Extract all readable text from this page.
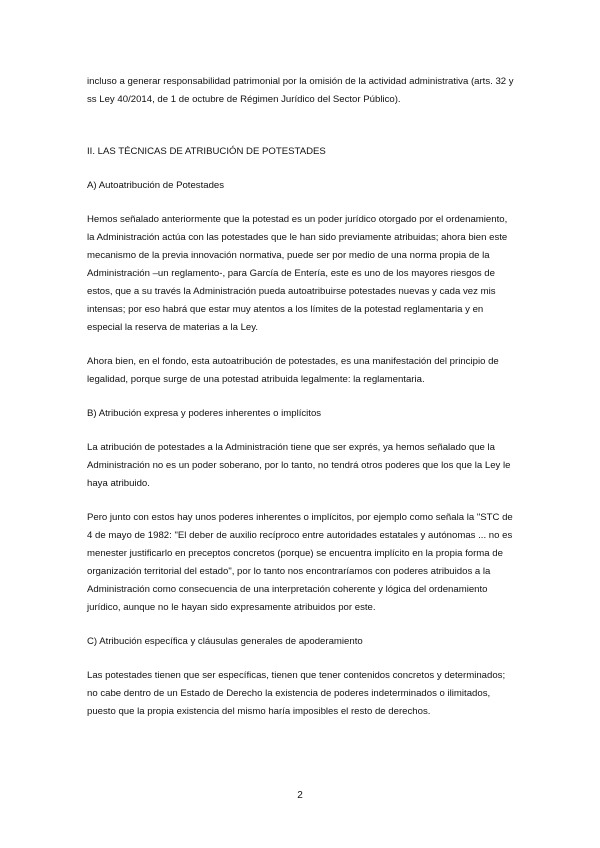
incluso a generar responsabilidad patrimonial por la omisión de la actividad administrativa (arts. 32 y ss Ley 40/2014, de 1 de octubre de Régimen Jurídico del Sector Público).

II. LAS TÉCNICAS DE ATRIBUCIÓN DE POTESTADES

A) Autoatribución de Potestades

Hemos señalado anteriormente que la potestad es un poder jurídico otorgado por el ordenamiento, la Administración actúa con las potestades que le han sido previamente atribuidas; ahora bien este mecanismo de la previa innovación normativa, puede ser por medio de una norma propia de la Administración –un reglamento-, para García de Entería, este es uno de los mayores riesgos de estos, que a su través la Administración pueda autoatribuirse potestades nuevas y cada vez mis intensas; por eso habrá que estar muy atentos a los límites de la potestad reglamentaria y en especial la reserva de materias a la Ley.

Ahora bien, en el fondo, esta autoatribución de potestades, es una manifestación del principio de legalidad, porque surge de una potestad atribuida legalmente: la reglamentaria.

B) Atribución expresa y poderes inherentes o implícitos

La atribución de potestades a la Administración tiene que ser exprés, ya hemos señalado que la Administración no es un poder soberano, por lo tanto, no tendrá otros poderes que los que la Ley le haya atribuido.

Pero junto con estos hay unos poderes inherentes o implícitos, por ejemplo como señala la "STC de 4 de mayo de 1982: "El deber de auxilio recíproco entre autoridades estatales y autónomas ... no es menester justificarlo en preceptos concretos (porque) se encuentra implícito en la propia forma de organización territorial del estado", por lo tanto nos encontraríamos con poderes atribuidos a la Administración como consecuencia de una interpretación coherente y lógica del ordenamiento jurídico, aunque no le hayan sido expresamente atribuidos por este.

C) Atribución específica y cláusulas generales de apoderamiento

Las potestades tienen que ser específicas, tienen que tener contenidos concretos y determinados; no cabe dentro de un Estado de Derecho la existencia de poderes indeterminados o ilimitados, puesto que la propia existencia del mismo haría imposibles el resto de derechos.

2
